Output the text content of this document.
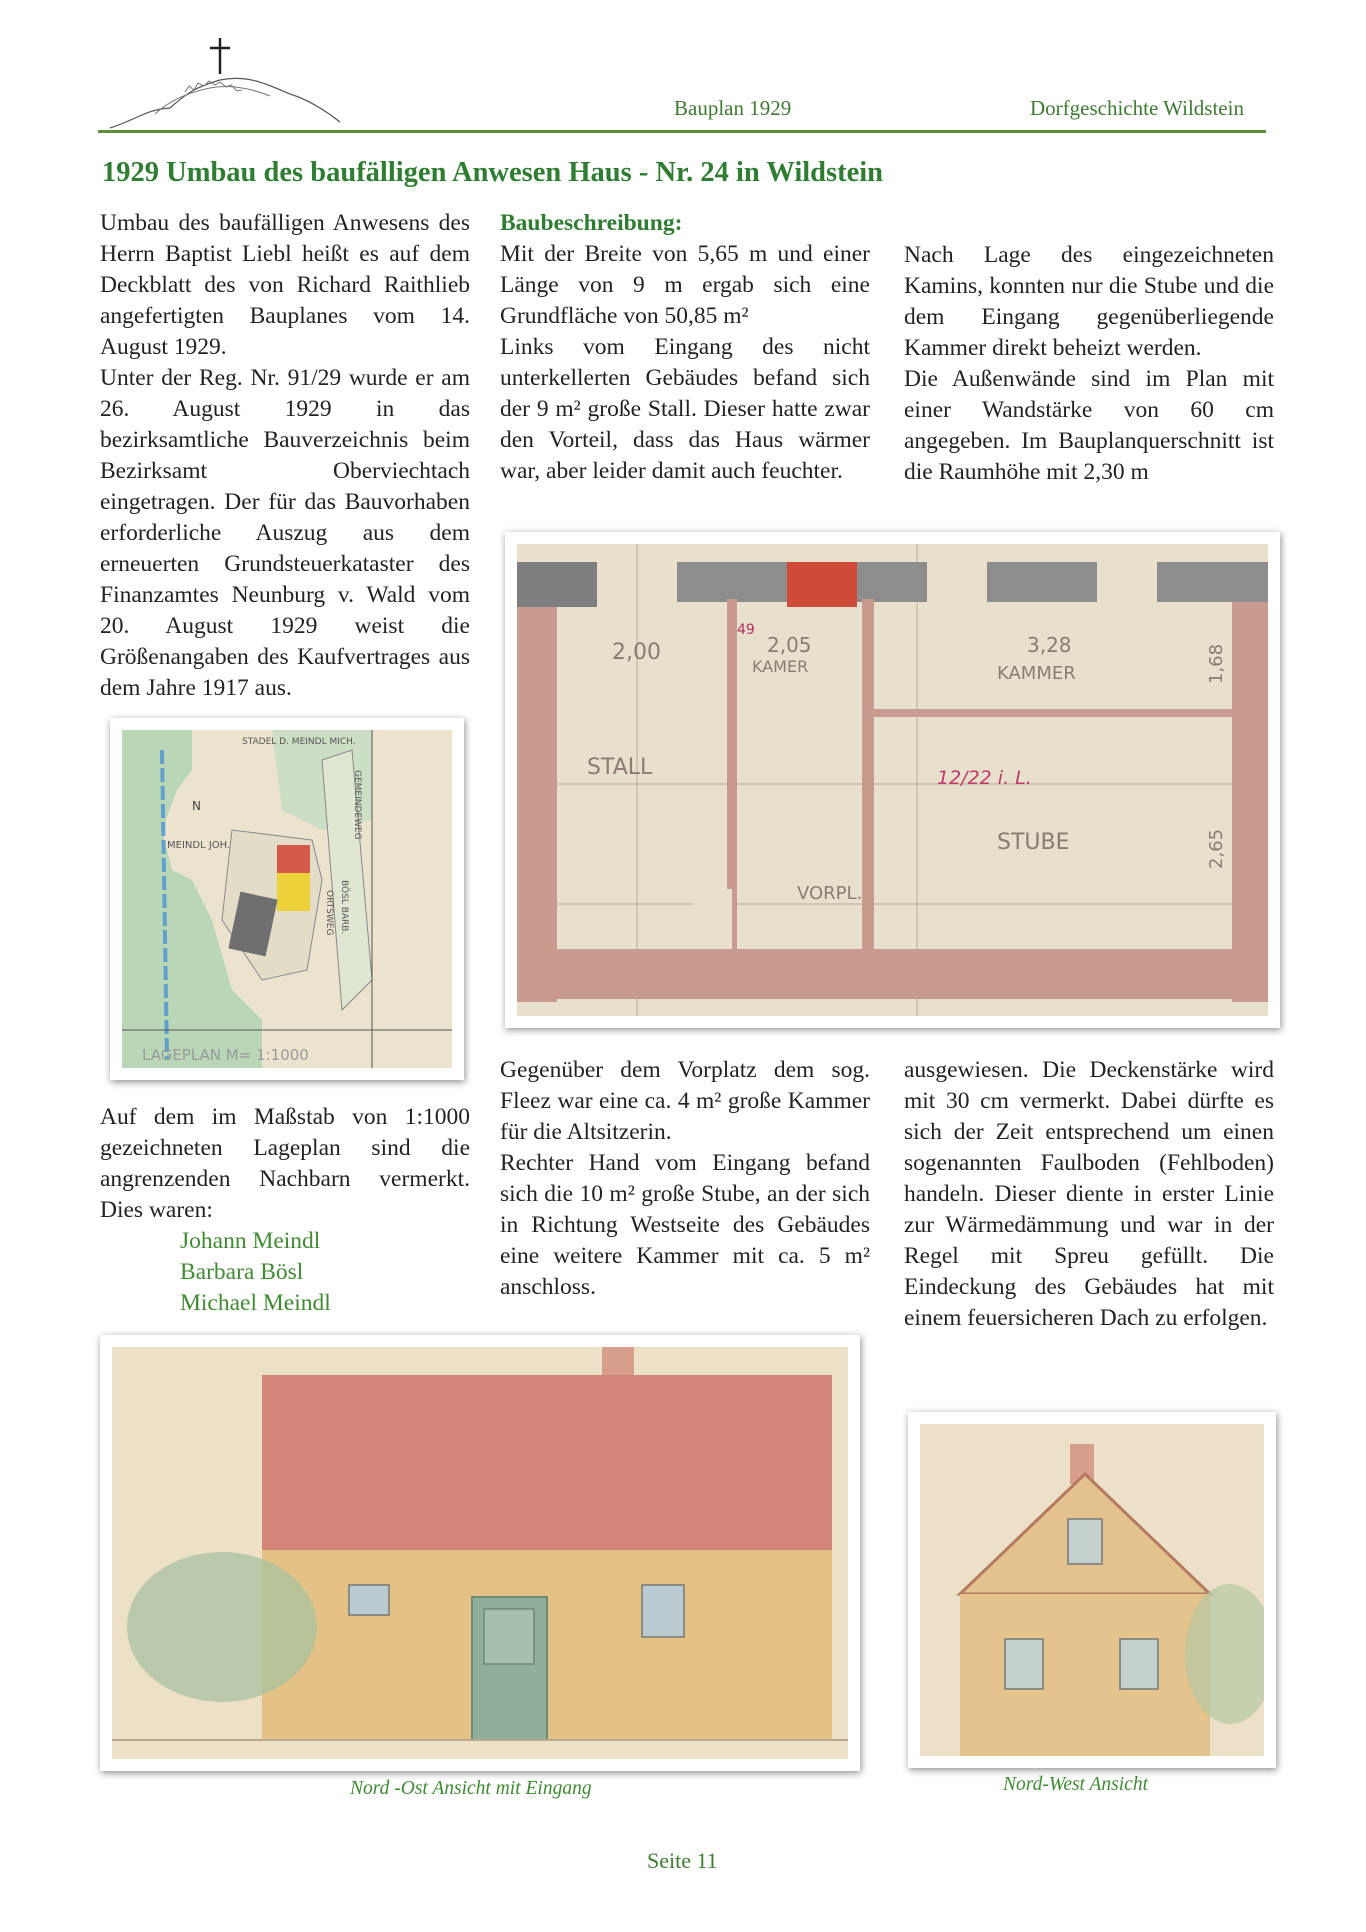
Bauplan 1929	Dorfgeschichte Wildstein
1929 Umbau des baufälligen Anwesen Haus - Nr. 24 in Wildstein

Umbau des baufälligen Anwesens des Herrn Baptist Liebl heißt es auf dem Deckblatt des von Richard Raithlieb angefertigten Bauplanes vom 14. August 1929.

Unter der Reg. Nr. 91/29 wurde er am 26. August 1929 in das bezirksamtliche Bauverzeichnis beim Bezirksamt Oberviechtach eingetragen. Der für das Bauvorhaben erforderliche Auszug aus dem erneuerten Grundsteuerkataster des Finanzamtes Neunburg v. Wald vom 20. August 1929 weist die Größenangaben des Kaufvertrages aus dem Jahre 1917 aus.

Baubeschreibung:

Mit der Breite von 5,65 m und einer Länge von 9 m ergab sich eine Grundfläche von 50,85 m²

Links vom Eingang des nicht unterkellerten Gebäudes befand sich der 9 m² große Stall. Dieser hatte zwar den Vorteil, dass das Haus wärmer war, aber leider damit auch feuchter.

Nach Lage des eingezeichneten Kamins, konnten nur die Stube und die dem Eingang gegenüberliegende Kammer direkt beheizt werden.

Die Außenwände sind im Plan mit einer Wandstärke von 60 cm angegeben. Im Bauplanquerschnitt ist die Raumhöhe mit 2,30 m

STADEL D. MEINDL MICH.
MEINDL JOH.
N	GEMEINDEWEG
ORTSWEG BÖSL BARB.
LAGEPLAN M= 1:1000
2,00	2,05
49
KAMER
3,28
KAMMER
STALL	12/22 i. L.
STUBE
VORPL.
1,68
2,65
Auf dem im Maßstab von 1:1000 gezeichneten Lageplan sind die angrenzenden Nachbarn vermerkt. Dies waren:
Johann Meindl
Barbara Bösl
Michael Meindl

Gegenüber dem Vorplatz dem sog. Fleez war eine ca. 4 m² große Kammer für die Altsitzerin.

Rechter Hand vom Eingang befand sich die 10 m² große Stube, an der sich in Richtung Westseite des Gebäudes eine weitere Kammer mit ca. 5 m² anschloss.

ausgewiesen. Die Deckenstärke wird mit 30 cm vermerkt. Dabei dürfte es sich der Zeit entsprechend um einen sogenannten Faulboden (Fehlboden) handeln. Dieser diente in erster Linie zur Wärmedämmung und war in der Regel mit Spreu gefüllt. Die Eindeckung des Gebäudes hat mit einem feuersicheren Dach zu erfolgen.

Nord -Ost Ansicht mit Eingang	Nord-West Ansicht
Seite 11
